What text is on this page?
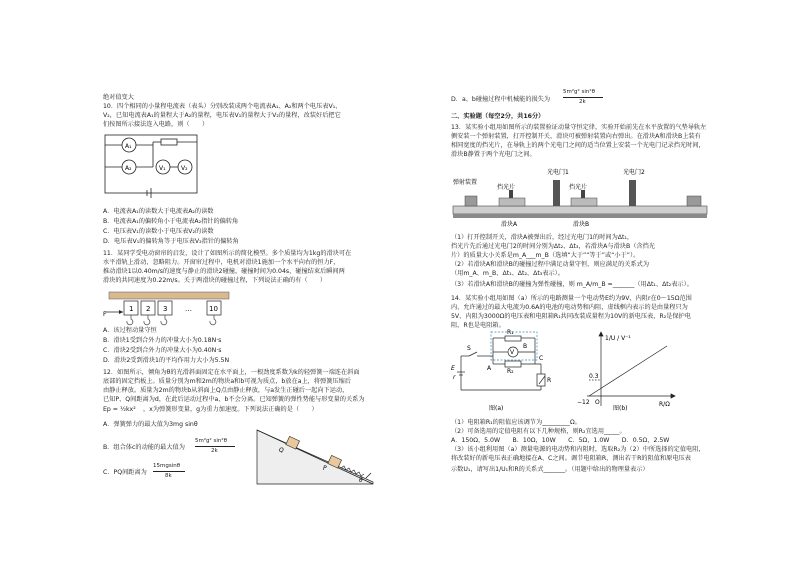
绝对值变大
10．四个相同的小量程电流表（表头）分别改装成两个电流表A₁、A₂和两个电压表V₁、
V₂，已知电流表A₁的量程大于A₂的量程，电压表V₁的量程大于V₂的量程，改装好后把它
们按图所示接法连入电路，则（　　）
A₁
A₂	V₁	V₂
A．电流表A₁的读数大于电流表A₂的读数
B．电流表A₁的偏转角小于电流表A₂指针的偏转角
C．电压表V₁的读数小于电压表V₂的读数
D．电压表V₁的偏转角等于电压表V₂指针的偏转角
11．某同学受电动窗帘的启发，设计了如图所示的简化模型。多个质量均为1kg的滑块可在
水平滑轨上滑动，忽略阻力。开窗帘过程中，电机对滑块1施加一个水平向右的恒力F，
推动滑块1以0.40m/s的速度与静止的滑块2碰撞，碰撞时间为0.04s，碰撞结束后瞬间两
滑块的共同速度为0.22m/s。关于两滑块的碰撞过程，下列说法正确的有（　　）
F
1 2 3	… 10
A．该过程动量守恒
B．滑块1受到合外力的冲量大小为0.18N·s
C．滑块2受到合外力的冲量大小为0.40N·s
D．滑块2受到滑块1的平均作用力大小为5.5N
12．如图所示，倾角为θ的光滑斜面固定在水平面上，一根劲度系数为k的轻弹簧一端连在斜面
底部的固定挡板上。质量分别为m和2m的物块a和b可视为质点，b放在a上，将弹簧压缩后
由静止释放。质量为2m的物块b从斜面上Q点由静止释放，与a发生正碰后一起向下运动，
已知P、Q间距离为d，在此后运动过程中a、b不会分离。已知弹簧的弹性势能与形变量的关系为
Ep = ½kx² ，x为弹簧形变量，g为重力加速度。下列说法正确的是（　　）
A．弹簧弹力的最大值为3mg sinθ
B．组合体c的动能的最大值为
5m²g² sin²θ
2k
C．PQ间距离为
15mgsinθ
8k
Q
P
θ
D．a、b碰撞过程中机械能的损失为
5m²g² sin²θ
2k
二、实验题（每空2分，共16分）
13．某实验小组用如图所示的装置验证动量守恒定律，实验开始前先在水平放置的气垫导轨左
侧安装一个弹射装置，打开控制开关，滑块可被弹射装置向右弹出。在滑块A和滑块B上装有
相同宽度的挡光片，在导轨上的两个光电门之间的适当位置上安装一个光电门记录挡光时间，
滑块B静置于两个光电门之间。
弹射装置
光电门1	光电门2
挡光片	挡光片
滑块A	滑块B
（1）打开控制开关，滑块A被弹出后，经过光电门1的时间为Δt₁，
挡光片先后通过光电门2的时间分别为Δt₂、Δt₃，若滑块A与滑块B（含挡光
片）的质量大小关系是m_A___m_B（选填“大于”“等于”或“小于”）。
（2）若滑块A和滑块B的碰撞过程中满足动量守恒，则应满足的关系式为
（用m_A、m_B、Δt₁、Δt₂、Δt₃表示）。
（3）若滑块A和滑块B的碰撞为弹性碰撞，则 m_A/m_B =_______（用Δt₁、Δt₂表示）。
14．某实验小组用如图（a）所示的电路测量一个电动势E约为9V、内阻r在0～15Ω范围
内、允许通过的最大电流为0.6A的电池的电动势和内阻，虚线框内表示的是由量程只为
5V、内阻为3000Ω的电压表和电阻箱R₁共同改装成量程为10V的新电压表，R₂是保护电
阻，R也是电阻箱。
S
E
r
R₁
V
R₂
R
A
B
C
图(a)
1/U / V⁻¹
R/Ω
O
0.3
−12
图(b)
（1）电阻箱R₁的阻值应该调节为_________Ω。
（2）可备选用的定值电阻有以下几种规格，则R₂宜选用_____。
A．150Ω，5.0W　　B．10Ω，10W　　C．5Ω，1.0W　　D．0.5Ω，2.5W
（3）该小组利用图（a）测量电源的电动势和内阻时，选取R₂为（2）中所选择的定值电阻，
将改装好的新电压表正确地接在A、C之间。调节电阻箱R，测出若干R的阻值和原电压表
示数U₁，请写出1/U₁和R的关系式_______。（用题中给出的物理量表示）
